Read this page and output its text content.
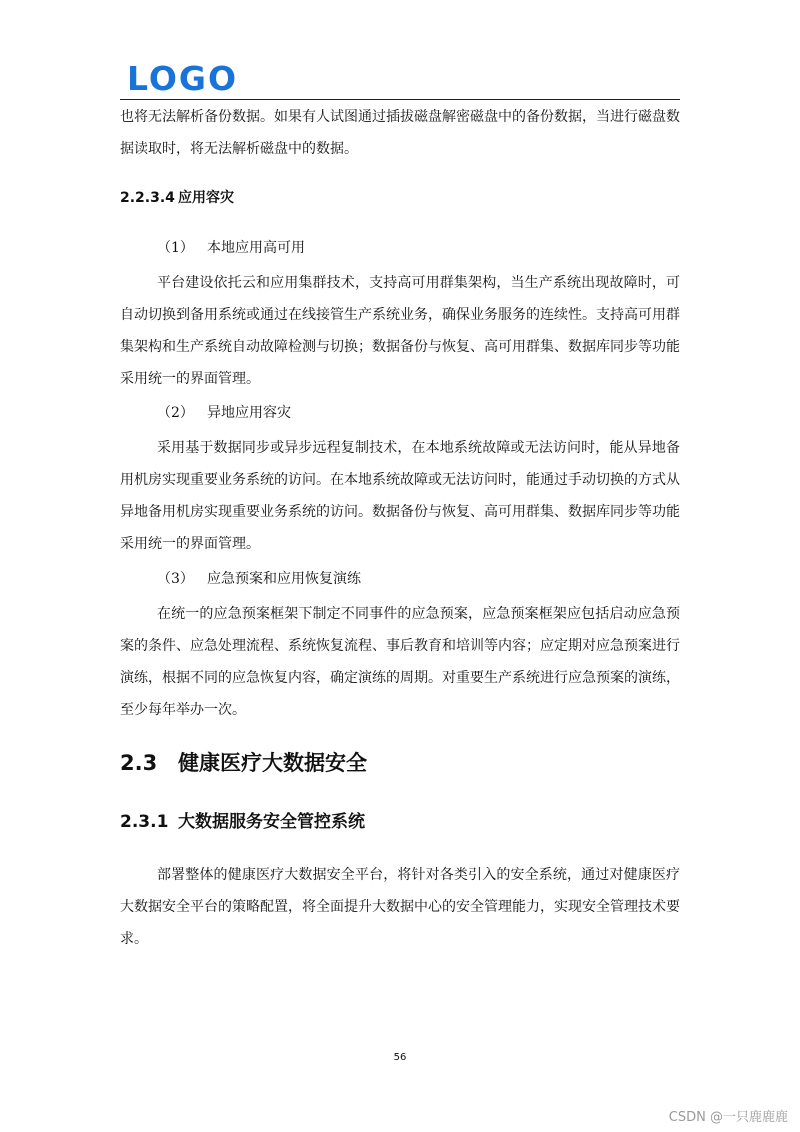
LOGO

也将无法解析备份数据。如果有人试图通过插拔磁盘解密磁盘中的备份数据，当进行磁盘数据读取时，将无法解析磁盘中的数据。

2.2.3.4 应用容灾
（1） 本地应用高可用

平台建设依托云和应用集群技术，支持高可用群集架构，当生产系统出现故障时，可自动切换到备用系统或通过在线接管生产系统业务，确保业务服务的连续性。支持高可用群集架构和生产系统自动故障检测与切换；数据备份与恢复、高可用群集、数据库同步等功能采用统一的界面管理。

（2） 异地应用容灾

采用基于数据同步或异步远程复制技术，在本地系统故障或无法访问时，能从异地备用机房实现重要业务系统的访问。在本地系统故障或无法访问时，能通过手动切换的方式从异地备用机房实现重要业务系统的访问。数据备份与恢复、高可用群集、数据库同步等功能采用统一的界面管理。

（3） 应急预案和应用恢复演练

在统一的应急预案框架下制定不同事件的应急预案，应急预案框架应包括启动应急预案的条件、应急处理流程、系统恢复流程、事后教育和培训等内容；应定期对应急预案进行演练，根据不同的应急恢复内容，确定演练的周期。对重要生产系统进行应急预案的演练，至少每年举办一次。

2.3 健康医疗大数据安全
2.3.1 大数据服务安全管控系统

部署整体的健康医疗大数据安全平台，将针对各类引入的安全系统，通过对健康医疗大数据安全平台的策略配置，将全面提升大数据中心的安全管理能力，实现安全管理技术要求。

56
CSDN @一只鹿鹿鹿
